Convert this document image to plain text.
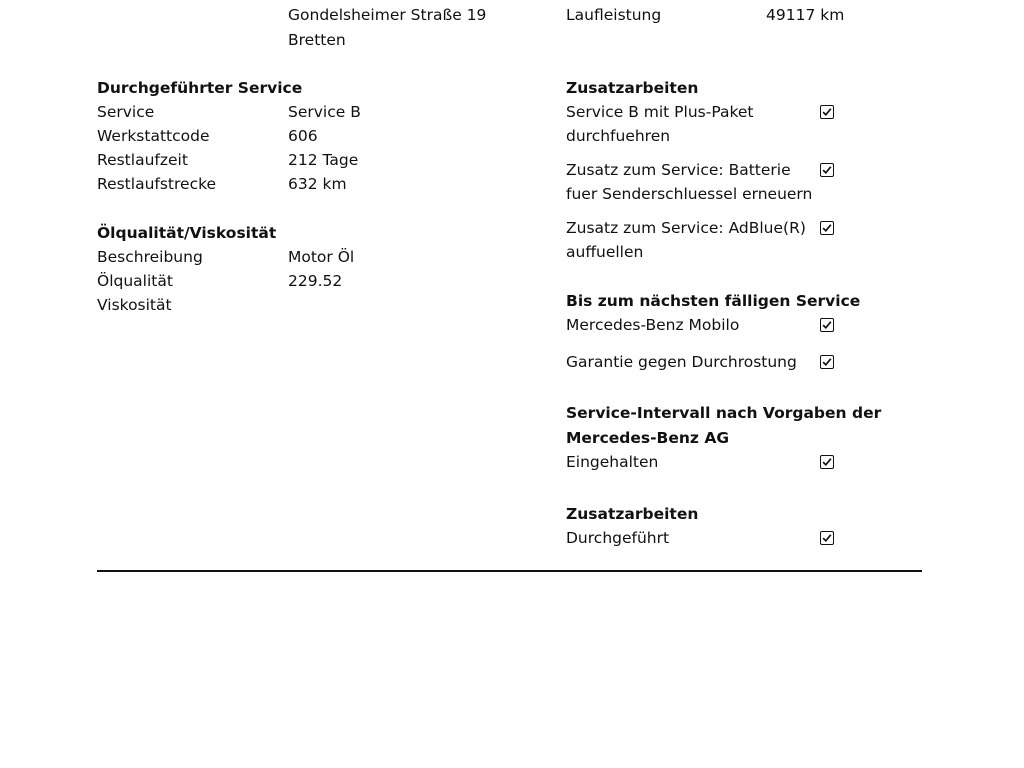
Gondelsheimer Straße 19
Bretten
Laufleistung	49117 km
Durchgeführter Service
Service	Service B
Werkstattcode	606
Restlaufzeit	212 Tage
Restlaufstrecke	632 km
Ölqualität/Viskosität
Beschreibung	Motor Öl
Ölqualität	229.52
Viskosität
Zusatzarbeiten
Service B mit Plus-Paket
durchfuehren
Zusatz zum Service: Batterie
fuer Senderschluessel erneuern
Zusatz zum Service: AdBlue(R)
auffuellen
Bis zum nächsten fälligen Service
Mercedes-Benz Mobilo
Garantie gegen Durchrostung
Service-Intervall nach Vorgaben der
Mercedes-Benz AG
Eingehalten
Zusatzarbeiten
Durchgeführt
